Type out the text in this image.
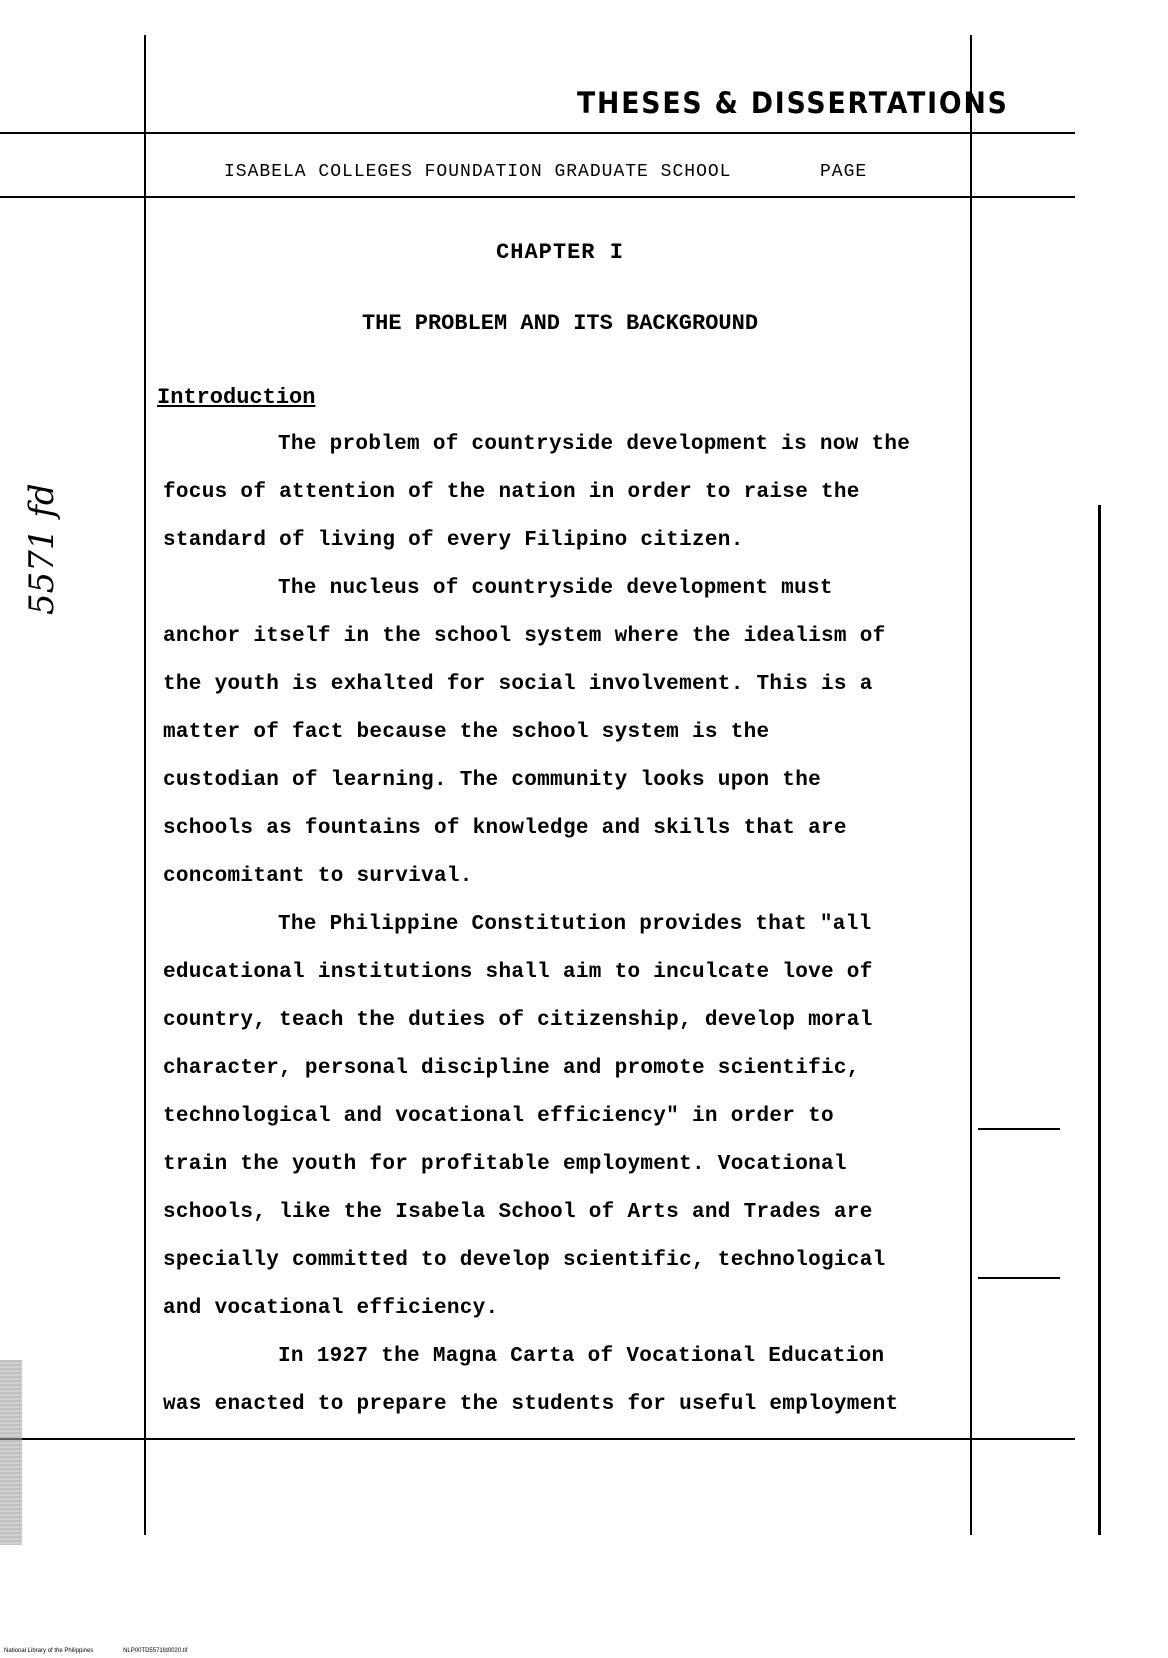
THESES & DISSERTATIONS
ISABELA COLLEGES FOUNDATION GRADUATE SCHOOL	PAGE
CHAPTER I
THE PROBLEM AND ITS BACKGROUND
Introduction
The problem of countryside development is now the
focus of attention of the nation in order to raise the
standard of living of every Filipino citizen.
The nucleus of countryside development must
anchor itself in the school system where the idealism of
the youth is exhalted for social involvement. This is a
matter of fact because the school system is the
custodian of learning. The community looks upon the
schools as fountains of knowledge and skills that are
concomitant to survival.
The Philippine Constitution provides that "all
educational institutions shall aim to inculcate love of
country, teach the duties of citizenship, develop moral
character, personal discipline and promote scientific,
technological and vocational efficiency" in order to
train the youth for profitable employment. Vocational
schools, like the Isabela School of Arts and Trades are
specially committed to develop scientific, technological
and vocational efficiency.
In 1927 the Magna Carta of Vocational Education
was enacted to prepare the students for useful employment
5571 fd
National Library of the Philippines	NLP00TD5571fd0020.tif
